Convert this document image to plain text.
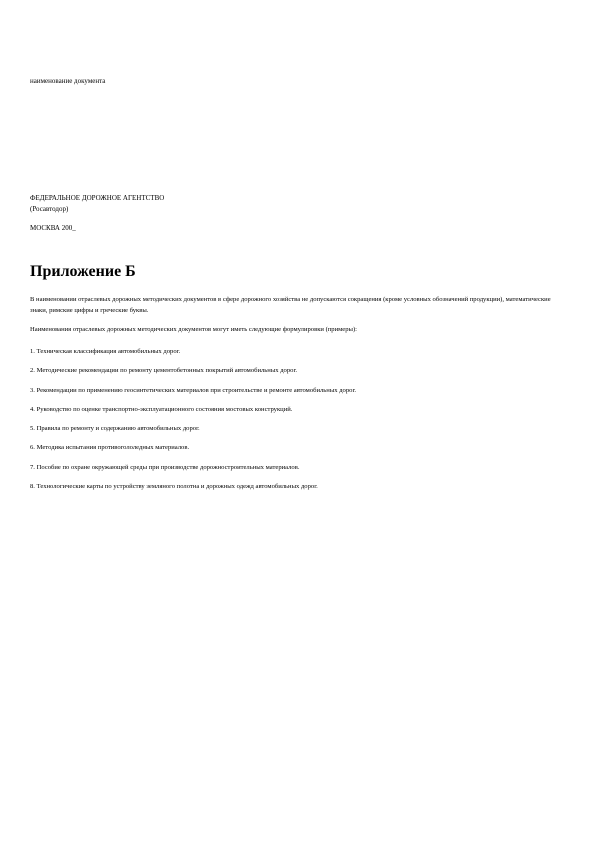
наименование документа
ФЕДЕРАЛЬНОЕ ДОРОЖНОЕ АГЕНТСТВО
(Росавтодор)
МОСКВА 200_
Приложение Б

В наименовании отраслевых дорожных методических документов в сфере дорожного хозяйства не допускаются сокращения (кроме условных обозначений продукции), математические знаки, римские цифры и греческие буквы.

Наименования отраслевых дорожных методических документов могут иметь следующие формулировки (примеры):

1. Техническая классификация автомобильных дорог.
2. Методические рекомендации по ремонту цементобетонных покрытий автомобильных дорог.
3. Рекомендации по применению геосинтетических материалов при строительстве и ремонте автомобильных дорог.
4. Руководство по оценке транспортно-эксплуатационного состояния мостовых конструкций.
5. Правила по ремонту и содержанию автомобильных дорог.
6. Методика испытания противогололедных материалов.
7. Пособие по охране окружающей среды при производстве дорожностроительных материалов.
8. Технологические карты по устройству земляного полотна и дорожных одежд автомобильных дорог.
